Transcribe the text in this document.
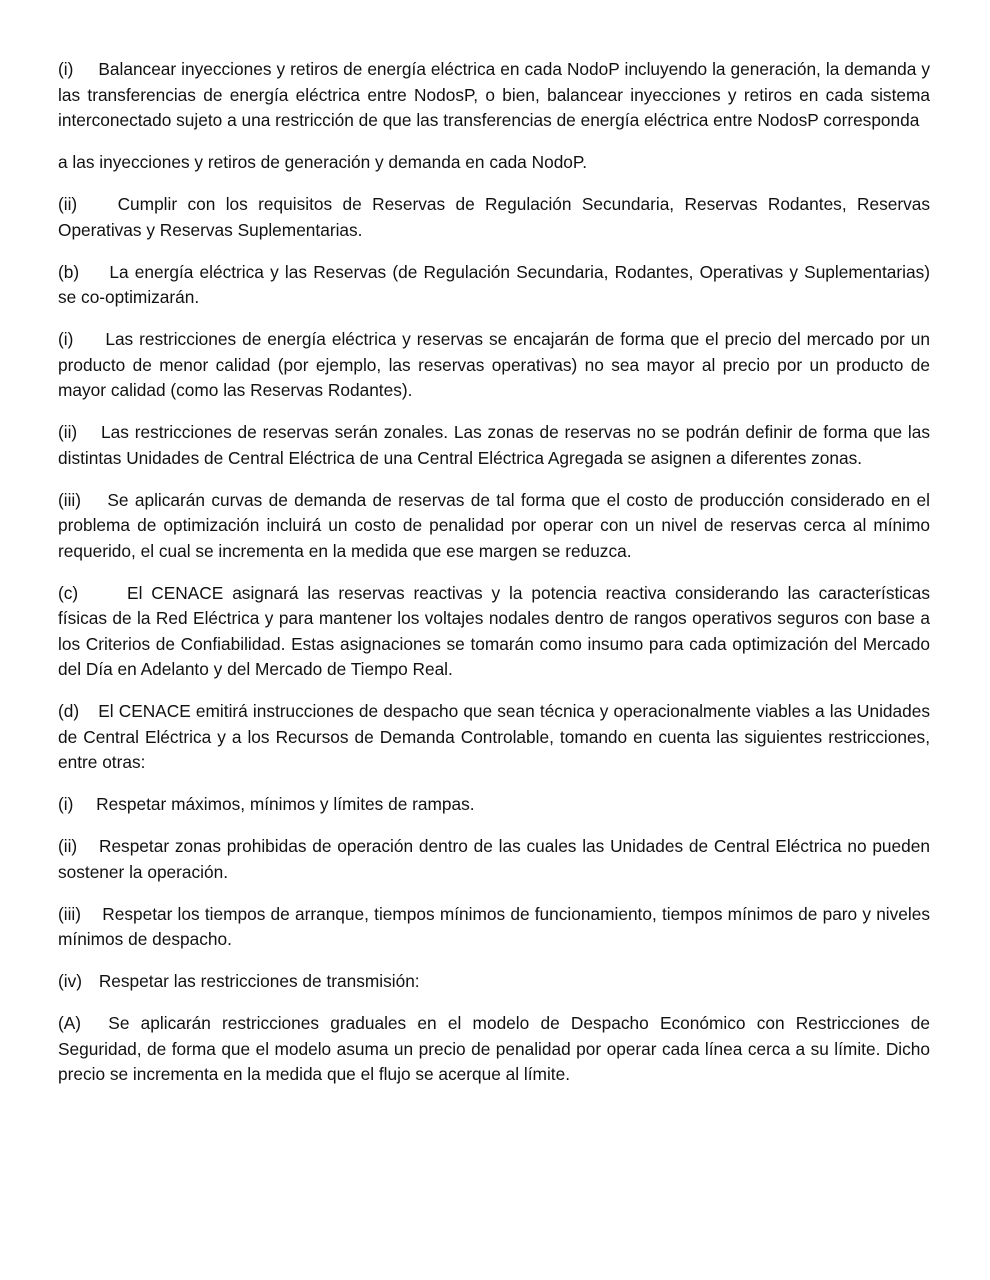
(i) Balancear inyecciones y retiros de energía eléctrica en cada NodoP incluyendo la generación, la demanda y las transferencias de energía eléctrica entre NodosP, o bien, balancear inyecciones y retiros en cada sistema interconectado sujeto a una restricción de que las transferencias de energía eléctrica entre NodosP corresponda

a las inyecciones y retiros de generación y demanda en cada NodoP.

(ii) Cumplir con los requisitos de Reservas de Regulación Secundaria, Reservas Rodantes, Reservas Operativas y Reservas Suplementarias.

(b) La energía eléctrica y las Reservas (de Regulación Secundaria, Rodantes, Operativas y Suplementarias) se co-optimizarán.

(i) Las restricciones de energía eléctrica y reservas se encajarán de forma que el precio del mercado por un producto de menor calidad (por ejemplo, las reservas operativas) no sea mayor al precio por un producto de mayor calidad (como las Reservas Rodantes).

(ii) Las restricciones de reservas serán zonales. Las zonas de reservas no se podrán definir de forma que las distintas Unidades de Central Eléctrica de una Central Eléctrica Agregada se asignen a diferentes zonas.

(iii) Se aplicarán curvas de demanda de reservas de tal forma que el costo de producción considerado en el problema de optimización incluirá un costo de penalidad por operar con un nivel de reservas cerca al mínimo requerido, el cual se incrementa en la medida que ese margen se reduzca.

(c)	El CENACE asignará las reservas reactivas y la potencia reactiva considerando las características físicas de la Red Eléctrica y para mantener los voltajes nodales dentro de rangos operativos seguros con base a los Criterios de Confiabilidad. Estas asignaciones se tomarán como insumo para cada optimización del Mercado del Día en Adelanto y del Mercado de Tiempo Real.

(d) El CENACE emitirá instrucciones de despacho que sean técnica y operacionalmente viables a las Unidades de Central Eléctrica y a los Recursos de Demanda Controlable, tomando en cuenta las siguientes restricciones, entre otras:

(i) Respetar máximos, mínimos y límites de rampas.

(ii) Respetar zonas prohibidas de operación dentro de las cuales las Unidades de Central Eléctrica no pueden sostener la operación.

(iii) Respetar los tiempos de arranque, tiempos mínimos de funcionamiento, tiempos mínimos de paro y niveles mínimos de despacho.

(iv) Respetar las restricciones de transmisión:

(A) Se aplicarán restricciones graduales en el modelo de Despacho Económico con Restricciones de Seguridad, de forma que el modelo asuma un precio de penalidad por operar cada línea cerca a su límite. Dicho precio se incrementa en la medida que el flujo se acerque al límite.
